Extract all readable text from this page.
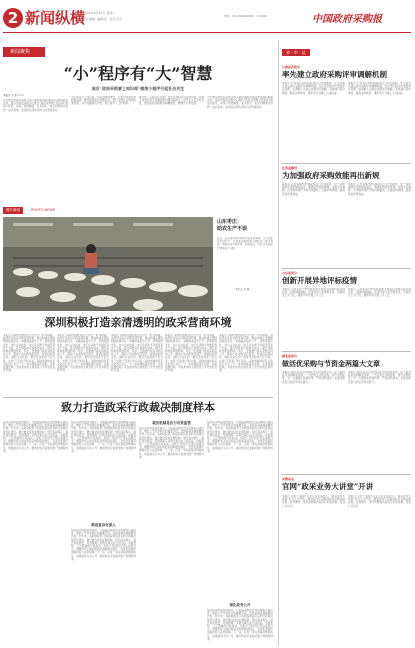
2 新闻纵横
2022年8月30日 星期二
责任编辑: 编辑/张 · 版式设计
电话: 010-66000000 · 00000	中国政府采购报
新闻聚焦
“小”程序有“大”智慧
南京“政府采购掌上知识库”微信小程序引起社会关注
本报讯 记者 ×××
为方便全市政府采购当事人随时随地查询法律法规和政策文件，南京市政府采购中心推出“政府采购掌上知识库”微信小程序，实现了政策解读、业务指引、常见问题等内容的一站式查询，受到供应商和采购人的普遍欢迎。
该小程序自上线以来，访问量持续增长，已累计收录各类政策法规、操作指南和问答数百条，用户可通过关键词快速检索，并可收藏常用内容，极大提升了工作效率。
据介绍，小程序还设置了在线咨询和意见反馈功能，采购人和供应商可将遇到的问题直接提交，由专业人员及时答复，推动政府采购服务向精细化、便捷化方向发展。
为方便全市政府采购当事人随时随地查询法律法规和政策文件，南京市政府采购中心推出“政府采购掌上知识库”微信小程序，实现了政策解读、业务指引、常见问题等内容的一站式查询，受到供应商和采购人的普遍欢迎。
图片新闻	PHOTO NEWS
山东枣庄：
助农生产不误
近日，山东省枣庄市某纺织企业车间内，工人们正在忙碌生产。当地政府积极落实稳经济一揽子政策，帮助企业开拓市场、稳定就业，为经济平稳运行提供有力支撑。
（本报记者 摄）
深圳积极打造亲清透明的政采营商环境
本报讯 深圳市财政局近日出台一系列举措，持续优化政府采购营商环境，推动构建亲清透明的政商关系。举措涵盖信息公开、采购流程优化、中小企业扶持、电子化采购平台建设等多个方面，着力降低供应商参与成本，提升采购效率和透明度。其中，全面推行政府采购意向公开，提前公布采购项目信息；取消投标保证金，减轻企业负担；推进全流程电子化交易，实现“不见面”开标评标。深圳市财政局有关负责人表示，下一步将继续深化改革，完善监督机制，为各类市场主体营造公平竞争的良好环境。
本报讯 深圳市财政局近日出台一系列举措，持续优化政府采购营商环境，推动构建亲清透明的政商关系。举措涵盖信息公开、采购流程优化、中小企业扶持、电子化采购平台建设等多个方面，着力降低供应商参与成本，提升采购效率和透明度。其中，全面推行政府采购意向公开，提前公布采购项目信息；取消投标保证金，减轻企业负担；推进全流程电子化交易，实现“不见面”开标评标。深圳市财政局有关负责人表示，下一步将继续深化改革，完善监督机制，为各类市场主体营造公平竞争的良好环境。
本报讯 深圳市财政局近日出台一系列举措，持续优化政府采购营商环境，推动构建亲清透明的政商关系。举措涵盖信息公开、采购流程优化、中小企业扶持、电子化采购平台建设等多个方面，着力降低供应商参与成本，提升采购效率和透明度。其中，全面推行政府采购意向公开，提前公布采购项目信息；取消投标保证金，减轻企业负担；推进全流程电子化交易，实现“不见面”开标评标。深圳市财政局有关负责人表示，下一步将继续深化改革，完善监督机制，为各类市场主体营造公平竞争的良好环境。
本报讯 深圳市财政局近日出台一系列举措，持续优化政府采购营商环境，推动构建亲清透明的政商关系。举措涵盖信息公开、采购流程优化、中小企业扶持、电子化采购平台建设等多个方面，着力降低供应商参与成本，提升采购效率和透明度。其中，全面推行政府采购意向公开，提前公布采购项目信息；取消投标保证金，减轻企业负担；推进全流程电子化交易，实现“不见面”开标评标。深圳市财政局有关负责人表示，下一步将继续深化改革，完善监督机制，为各类市场主体营造公平竞争的良好环境。
本报讯 深圳市财政局近日出台一系列举措，持续优化政府采购营商环境，推动构建亲清透明的政商关系。举措涵盖信息公开、采购流程优化、中小企业扶持、电子化采购平台建设等多个方面，着力降低供应商参与成本，提升采购效率和透明度。其中，全面推行政府采购意向公开，提前公布采购项目信息；取消投标保证金，减轻企业负担；推进全流程电子化交易，实现“不见面”开标评标。深圳市财政局有关负责人表示，下一步将继续深化改革，完善监督机制，为各类市场主体营造公平竞争的良好环境。
致力打造政采行政裁决制度样本
在政府采购监管实践中，行政裁决制度作为化解供应商投诉、维护公平竞争秩序的重要手段，发挥着越来越重要的作用。近年来，各地财政部门积极探索政府采购行政裁决规范化建设，通过健全投诉处理机制、规范裁决程序、提升裁决质量，有效保障了采购当事人的合法权益。实践表明，公正高效的行政裁决，有助于及时纠正违法违规行为，增强市场主体对政府采购制度的信任，为优化营商环境提供有力法治保障。下一步，应进一步完善裁决规则体系，加强裁决文书公开，推动形成可复制可推广的制度样本。
在政府采购监管实践中，行政裁决制度作为化解供应商投诉、维护公平竞争秩序的重要手段，发挥着越来越重要的作用。近年来，各地财政部门积极探索政府采购行政裁决规范化建设，通过健全投诉处理机制、规范裁决程序、提升裁决质量，有效保障了采购当事人的合法权益。实践表明，公正高效的行政裁决，有助于及时纠正违法违规行为，增强市场主体对政府采购制度的信任，为优化营商环境提供有力法治保障。下一步，应进一步完善裁决规则体系，加强裁决文书公开，推动形成可复制可推广的制度样本。
推进复杂化深入
在政府采购监管实践中，行政裁决制度作为化解供应商投诉、维护公平竞争秩序的重要手段，发挥着越来越重要的作用。近年来，各地财政部门积极探索政府采购行政裁决规范化建设，通过健全投诉处理机制、规范裁决程序、提升裁决质量，有效保障了采购当事人的合法权益。实践表明，公正高效的行政裁决，有助于及时纠正违法违规行为，增强市场主体对政府采购制度的信任，为优化营商环境提供有力法治保障。下一步，应进一步完善裁决规则体系，加强裁决文书公开，推动形成可复制可推广的制度样本。
裁决机制是有力有效监管
在政府采购监管实践中，行政裁决制度作为化解供应商投诉、维护公平竞争秩序的重要手段，发挥着越来越重要的作用。近年来，各地财政部门积极探索政府采购行政裁决规范化建设，通过健全投诉处理机制、规范裁决程序、提升裁决质量，有效保障了采购当事人的合法权益。实践表明，公正高效的行政裁决，有助于及时纠正违法违规行为，增强市场主体对政府采购制度的信任，为优化营商环境提供有力法治保障。下一步，应进一步完善裁决规则体系，加强裁决文书公开，推动形成可复制可推广的制度样本。
在政府采购监管实践中，行政裁决制度作为化解供应商投诉、维护公平竞争秩序的重要手段，发挥着越来越重要的作用。近年来，各地财政部门积极探索政府采购行政裁决规范化建设，通过健全投诉处理机制、规范裁决程序、提升裁决质量，有效保障了采购当事人的合法权益。实践表明，公正高效的行政裁决，有助于及时纠正违法违规行为，增强市场主体对政府采购制度的信任，为优化营商环境提供有力法治保障。下一步，应进一步完善裁决规则体系，加强裁决文书公开，推动形成可复制可推广的制度样本。
深化政务公开
在政府采购监管实践中，行政裁决制度作为化解供应商投诉、维护公平竞争秩序的重要手段，发挥着越来越重要的作用。近年来，各地财政部门积极探索政府采购行政裁决规范化建设，通过健全投诉处理机制、规范裁决程序、提升裁决质量，有效保障了采购当事人的合法权益。实践表明，公正高效的行政裁决，有助于及时纠正违法违规行为，增强市场主体对政府采购制度的信任，为优化营商环境提供有力法治保障。下一步，应进一步完善裁决规则体系，加强裁决文书公开，推动形成可复制可推广的制度样本。
省 · 市 · 县
甘肃省庆阳市
率先建立政府采购评审调解机制
本报讯 甘肃省庆阳市财政局近日印发通知，在全省率先建立政府采购评审调解机制，对评审过程中出现的争议问题，由调解人员依法依规进行调解，有效减少投诉事项，提高采购效率，维护各方当事人合法权益。
本报讯 甘肃省庆阳市财政局近日印发通知，在全省率先建立政府采购评审调解机制，对评审过程中出现的争议问题，由调解人员依法依规进行调解，有效减少投诉事项，提高采购效率，维护各方当事人合法权益。
江西省赣州
为加强政府采购效能再出新规
本报讯 江西省赣州市财政局近日出台新规，进一步加强政府采购效能建设，明确采购需求管理、采购文件编制、评审组织等环节的具体要求，压缩采购周期，提高资金使用效益。
本报讯 江西省赣州市财政局近日出台新规，进一步加强政府采购效能建设，明确采购需求管理、采购文件编制、评审组织等环节的具体要求，压缩采购周期，提高资金使用效益。
山东省济宁
创新开展异地评标疫情
本报讯 山东省济宁市积极创新开展政府采购远程异地评标，突破地域限制，实现评审专家资源共享，有效防范人为干扰，确保评审过程公平公正。
本报讯 山东省济宁市积极创新开展政府采购远程异地评标，突破地域限制，实现评审专家资源共享，有效防范人为干扰，确保评审过程公平公正。
湖北省武汉
做活优采购与节资金两篇大文章
本报讯 湖北省武汉市财政局坚持问题导向，深入推进政府采购制度改革，一方面优化采购流程，提升采购质量；另一方面强化预算约束，严控采购成本，实现采购质量与资金节约双提升。
本报讯 湖北省武汉市财政局坚持问题导向，深入推进政府采购制度改革，一方面优化采购流程，提升采购质量；另一方面强化预算约束，严控采购成本，实现采购质量与资金节约双提升。
采购动态
官网“政采业务大讲堂”开讲
本报讯 为进一步提升从业人员业务能力，“政采业务大讲堂”近日正式开讲，邀请业内专家围绕政府采购法律法规、实务操作、常见问题等内容进行系统讲解，受到广泛好评。
本报讯 为进一步提升从业人员业务能力，“政采业务大讲堂”近日正式开讲，邀请业内专家围绕政府采购法律法规、实务操作、常见问题等内容进行系统讲解，受到广泛好评。
